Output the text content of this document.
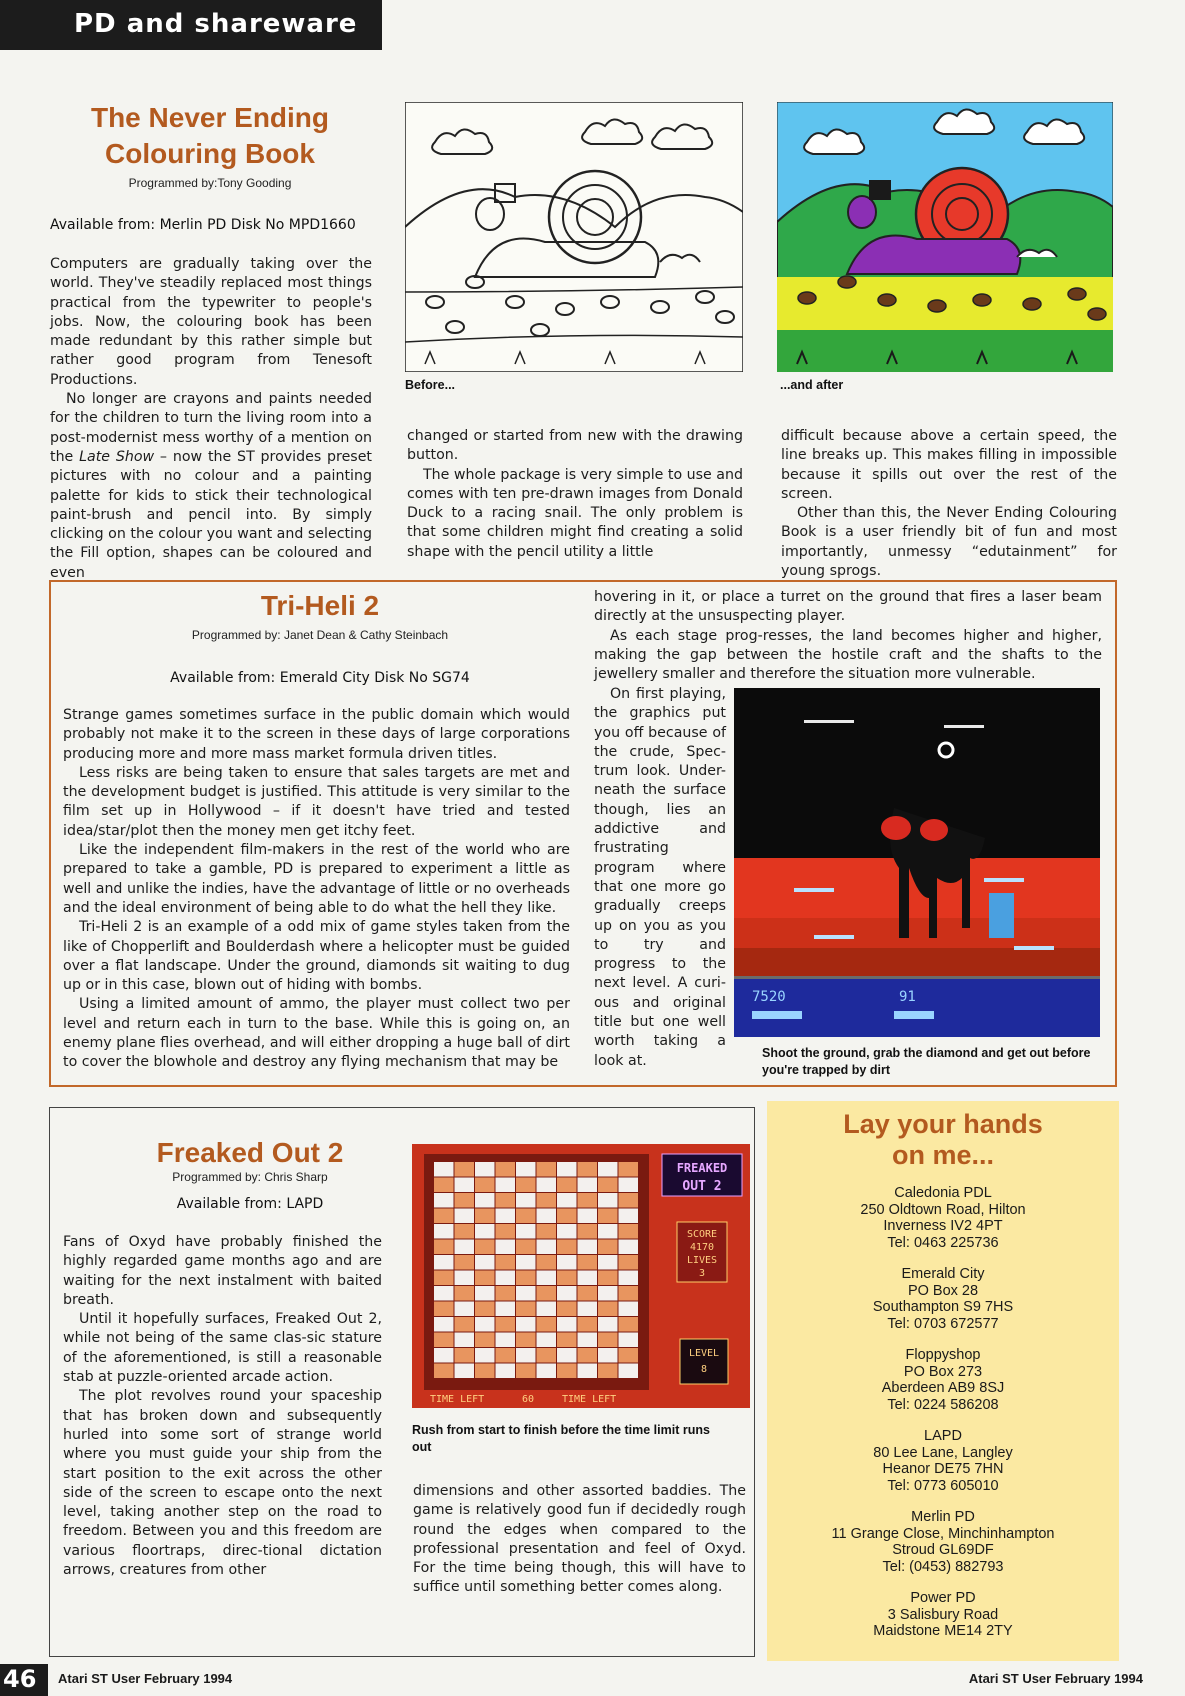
PD and shareware
The Never Ending
Colouring Book
Programmed by:Tony Gooding
Available from: Merlin PD Disk No MPD1660

Computers are gradually taking over the world. They've steadily replaced most things practical from the typewriter to people's jobs. Now, the colouring book has been made redundant by this rather simple but rather good program from Tenesoft Productions.

No longer are crayons and paints needed for the children to turn the living room into a post-modernist mess worthy of a mention on the Late Show – now the ST provides preset pictures with no colour and a painting palette for kids to stick their technological paint-brush and pencil into. By simply clicking on the colour you want and selecting the Fill option, shapes can be coloured and even

Before...	...and after

changed or started from new with the drawing button.

The whole package is very simple to use and comes with ten pre-drawn images from Donald Duck to a racing snail. The only problem is that some children might find creating a solid shape with the pencil utility a little

difficult because above a certain speed, the line breaks up. This makes filling in impossible because it spills out over the rest of the screen.

Other than this, the Never Ending Colouring Book is a user friendly bit of fun and most importantly, unmessy “edutainment” for young sprogs.

Tri-Heli 2
Programmed by: Janet Dean & Cathy Steinbach
Available from: Emerald City Disk No SG74

Strange games sometimes surface in the public domain which would probably not make it to the screen in these days of large corporations producing more and more mass market formula driven titles.

Less risks are being taken to ensure that sales targets are met and the development budget is justified. This attitude is very similar to the film set up in Hollywood – if it doesn't have tried and tested idea/star/plot then the money men get itchy feet.

Like the independent film-makers in the rest of the world who are prepared to take a gamble, PD is prepared to experiment a little as well and unlike the indies, have the advantage of little or no overheads and the ideal environment of being able to do what the hell they like.

Tri-Heli 2 is an example of a odd mix of game styles taken from the like of Chopperlift and Boulderdash where a helicopter must be guided over a flat landscape. Under the ground, diamonds sit waiting to dug up or in this case, blown out of hiding with bombs.

Using a limited amount of ammo, the player must collect two per level and return each in turn to the base. While this is going on, an enemy plane flies overhead, and will either dropping a huge ball of dirt to cover the blowhole and destroy any flying mechanism that may be

hovering in it, or place a turret on the ground that fires a laser beam directly at the unsuspecting player.

As each stage prog-resses, the land becomes higher and higher, making the gap between the hostile craft and the shafts to the jewellery smaller and therefore the situation more vulnerable.

On first playing, the graphics put you off because of the crude, Spec-trum look. Under-neath the surface though, lies an addictive and frustrating program where that one more go gradually creeps up on you as you to try and progress to the next level. A curi-ous and original title but one well worth taking a look at.

7520	91
Shoot the ground, grab the diamond and get out before you're trapped by dirt
Freaked Out 2
Programmed by: Chris Sharp
Available from: LAPD

Fans of Oxyd have probably finished the highly regarded game months ago and are waiting for the next instalment with baited breath.

Until it hopefully surfaces, Freaked Out 2, while not being of the same clas-sic stature of the aforementioned, is still a reasonable stab at puzzle-oriented arcade action.

The plot revolves round your spaceship that has broken down and subsequently hurled into some sort of strange world where you must guide your ship from the start position to the exit across the other side of the screen to escape onto the next level, taking another step on the road to freedom. Between you and this freedom are various floortraps, direc-tional dictation arrows, creatures from other

dimensions and other assorted baddies. The game is relatively good fun if decidedly rough round the edges when compared to the professional presentation and feel of Oxyd. For the time being though, this will have to suffice until something better comes along.

FREAKED
OUT 2
SCORE
4170
LIVES
3
LEVEL
8
TIME LEFT	60	TIME LEFT
Rush from start to finish before the time limit runs out
Lay your hands
on me...
Caledonia PDL
250 Oldtown Road, Hilton
Inverness IV2 4PT
Tel: 0463 225736
Emerald City
PO Box 28
Southampton S9 7HS
Tel: 0703 672577
Floppyshop
PO Box 273
Aberdeen AB9 8SJ
Tel: 0224 586208
LAPD
80 Lee Lane, Langley
Heanor DE75 7HN
Tel: 0773 605010
Merlin PD
11 Grange Close, Minchinhampton
Stroud GL69DF
Tel: (0453) 882793
Power PD
3 Salisbury Road
Maidstone ME14 2TY
46 Atari ST User February 1994	Atari ST User February 1994
